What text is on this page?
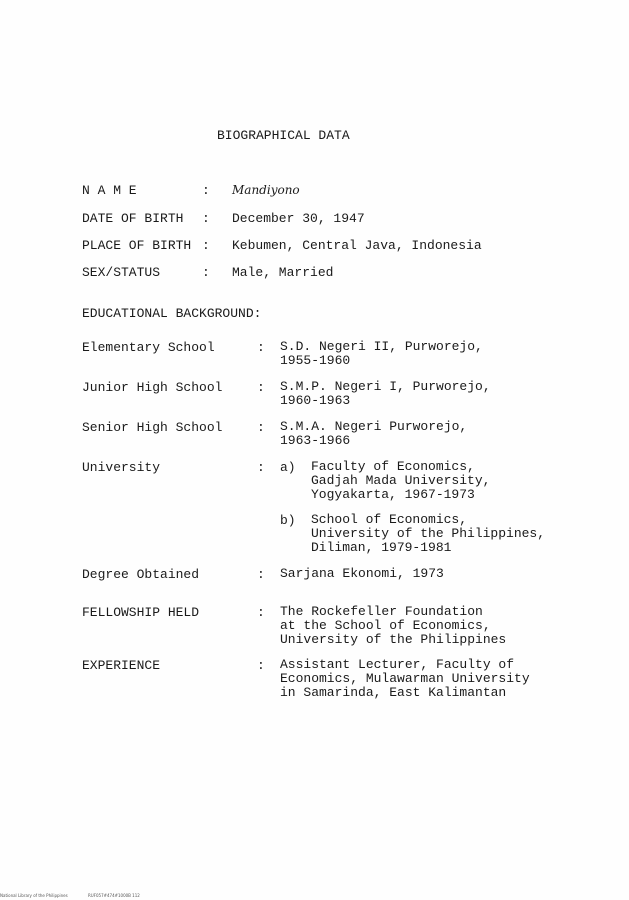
BIOGRAPHICAL DATA
N A M E	: Mandiyono
DATE OF BIRTH : December 30, 1947
PLACE OF BIRTH : Kebumen, Central Java, Indonesia
SEX/STATUS	: Male, Married
EDUCATIONAL BACKGROUND:
Elementary School	: S.D. Negeri II, Purworejo,
1955-1960
Junior High School	: S.M.P. Negeri I, Purworejo,
1960-1963
Senior High School	: S.M.A. Negeri Purworejo,
1963-1966
University	: a) Faculty of Economics,
Gadjah Mada University,
Yogyakarta, 1967-1973
b) School of Economics,
University of the Philippines,
Diliman, 1979-1981
Degree Obtained	: Sarjana Ekonomi, 1973
FELLOWSHIP HELD	: The Rockefeller Foundation
at the School of Economics,
University of the Philippines
EXPERIENCE	: Assistant Lecturer, Faculty of
Economics, Mulawarman University
in Samarinda, East Kalimantan
National Library of the Philippines	RUF057#474#1000B 112
